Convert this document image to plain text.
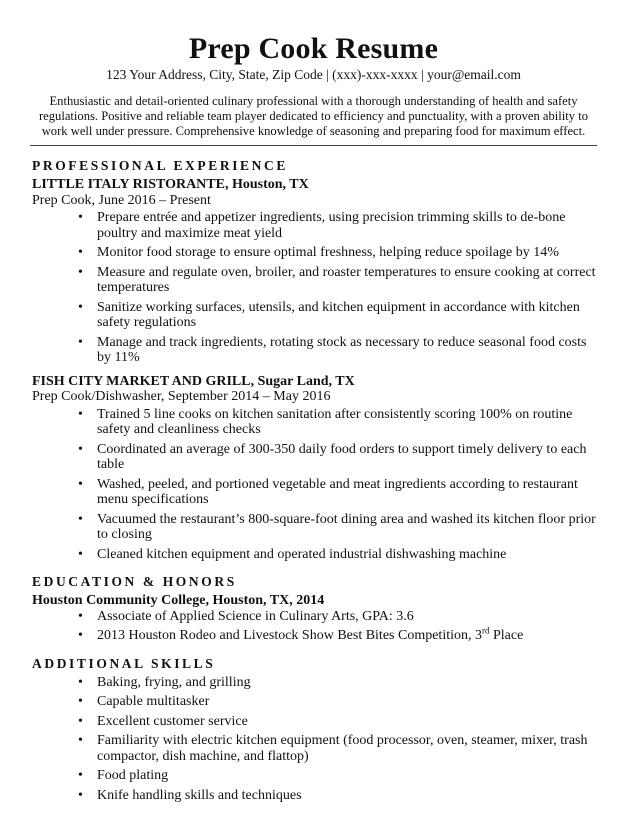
Prep Cook Resume
123 Your Address, City, State, Zip Code | (xxx)-xxx-xxxx | your@email.com
Enthusiastic and detail-oriented culinary professional with a thorough understanding of health and safety regulations. Positive and reliable team player dedicated to efficiency and punctuality, with a proven ability to work well under pressure. Comprehensive knowledge of seasoning and preparing food for maximum effect.
PROFESSIONAL EXPERIENCE
LITTLE ITALY RISTORANTE, Houston, TX
Prep Cook, June 2016 – Present
• Prepare entrée and appetizer ingredients, using precision trimming skills to de-bone poultry and maximize meat yield
• Monitor food storage to ensure optimal freshness, helping reduce spoilage by 14%
• Measure and regulate oven, broiler, and roaster temperatures to ensure cooking at correct temperatures
• Sanitize working surfaces, utensils, and kitchen equipment in accordance with kitchen safety regulations
• Manage and track ingredients, rotating stock as necessary to reduce seasonal food costs by 11%
FISH CITY MARKET AND GRILL, Sugar Land, TX
Prep Cook/Dishwasher, September 2014 – May 2016
• Trained 5 line cooks on kitchen sanitation after consistently scoring 100% on routine safety and cleanliness checks
• Coordinated an average of 300-350 daily food orders to support timely delivery to each table
• Washed, peeled, and portioned vegetable and meat ingredients according to restaurant menu specifications
• Vacuumed the restaurant’s 800-square-foot dining area and washed its kitchen floor prior to closing
• Cleaned kitchen equipment and operated industrial dishwashing machine
EDUCATION & HONORS
Houston Community College, Houston, TX, 2014
• Associate of Applied Science in Culinary Arts, GPA: 3.6
• 2013 Houston Rodeo and Livestock Show Best Bites Competition, 3rd Place
ADDITIONAL SKILLS
• Baking, frying, and grilling
• Capable multitasker
• Excellent customer service
• Familiarity with electric kitchen equipment (food processor, oven, steamer, mixer, trash compactor, dish machine, and flattop)
• Food plating
• Knife handling skills and techniques
